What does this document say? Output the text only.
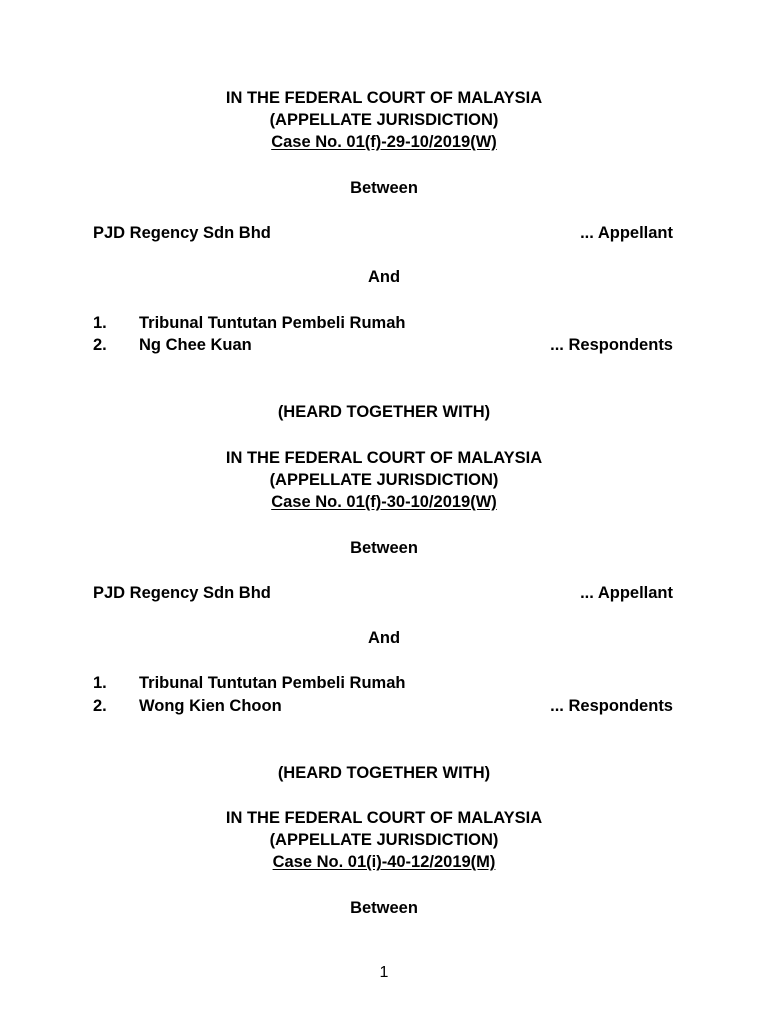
IN THE FEDERAL COURT OF MALAYSIA
(APPELLATE JURISDICTION)
Case No. 01(f)-29-10/2019(W)
Between
PJD Regency Sdn Bhd	... Appellant
And
1. Tribunal Tuntutan Pembeli Rumah
2. Ng Chee Kuan	... Respondents
(HEARD TOGETHER WITH)
IN THE FEDERAL COURT OF MALAYSIA
(APPELLATE JURISDICTION)
Case No. 01(f)-30-10/2019(W)
Between
PJD Regency Sdn Bhd	... Appellant
And
1. Tribunal Tuntutan Pembeli Rumah
2. Wong Kien Choon	... Respondents
(HEARD TOGETHER WITH)
IN THE FEDERAL COURT OF MALAYSIA
(APPELLATE JURISDICTION)
Case No. 01(i)-40-12/2019(M)
Between
1
